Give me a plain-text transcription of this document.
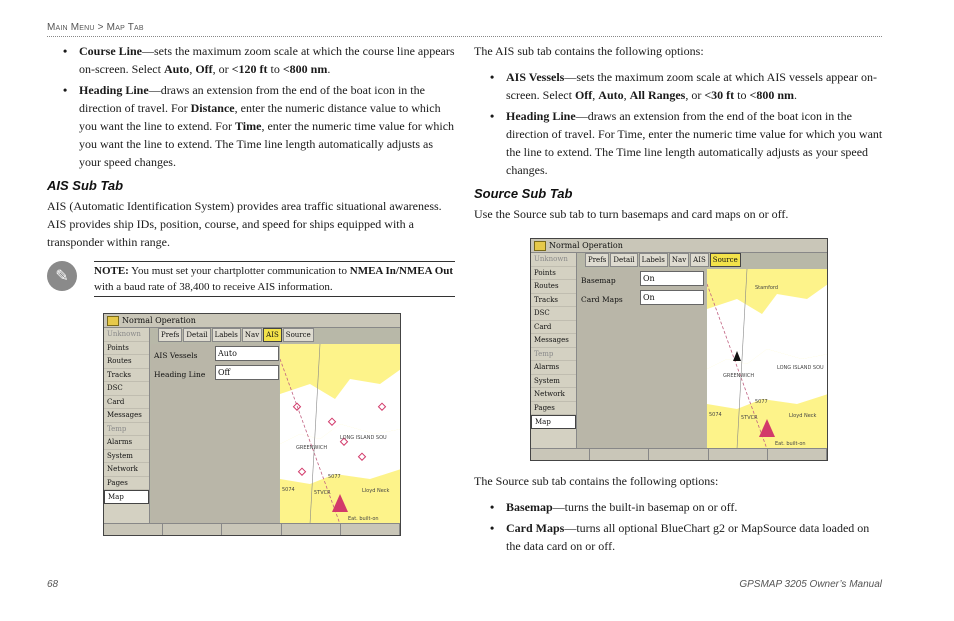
Main Menu > Map Tab
• Course Line—sets the maximum zoom scale at which the course line appears on-screen. Select Auto, Off, or <120 ft to <800 nm.
• Heading Line—draws an extension from the end of the boat icon in the direction of travel. For Distance, enter the numeric distance value to which you want the line to extend. For Time, enter the numeric time value for which you want the line to extend. The Time line length automatically adjusts as your speed changes.
AIS Sub Tab

AIS (Automatic Identification System) provides area traffic situational awareness. AIS provides ship IDs, position, course, and speed for ships equipped with a transponder within range.

✎	NOTE: You must set your chartplotter communication to NMEA In/NMEA Out with a baud rate of 38,400 to receive AIS information.
Normal Operation
Unknown
Points
Routes
Tracks
DSC
Card
Messages
Temp
Alarms
System
Network
Pages
Map
Prefs	Detail	Labels	Nav	AIS	Source
AIS Vessels	Auto
Heading Line	Off
LONG ISLAND SOU
GREENWICH
5074
5077
5TVCR	Lloyd Neck
Eat. built-on

The AIS sub tab contains the following options:

• AIS Vessels—sets the maximum zoom scale at which AIS vessels appear on-screen. Select Off, Auto, All Ranges, or <30 ft to <800 nm.
• Heading Line—draws an extension from the end of the boat icon in the direction of travel. For Time, enter the numeric time value for which you want the line to extend. The Time line length automatically adjusts as your speed changes.
Source Sub Tab

Use the Source sub tab to turn basemaps and card maps on or off.

Normal Operation
Unknown
Points
Routes
Tracks
DSC
Card
Messages
Temp
Alarms
System
Network
Pages
Map
Prefs	Detail	Labels	Nav	AIS	Source
Basemap	On
Card Maps	On
Stamford
LONG ISLAND SOU
GREENWICH
5074
5077
5TVCR	Lloyd Neck
Eat. built-on

The Source sub tab contains the following options:

• Basemap—turns the built-in basemap on or off.
• Card Maps—turns all optional BlueChart g2 or MapSource data loaded on the data card on or off.
68	GPSMAP 3205 Owner’s Manual
